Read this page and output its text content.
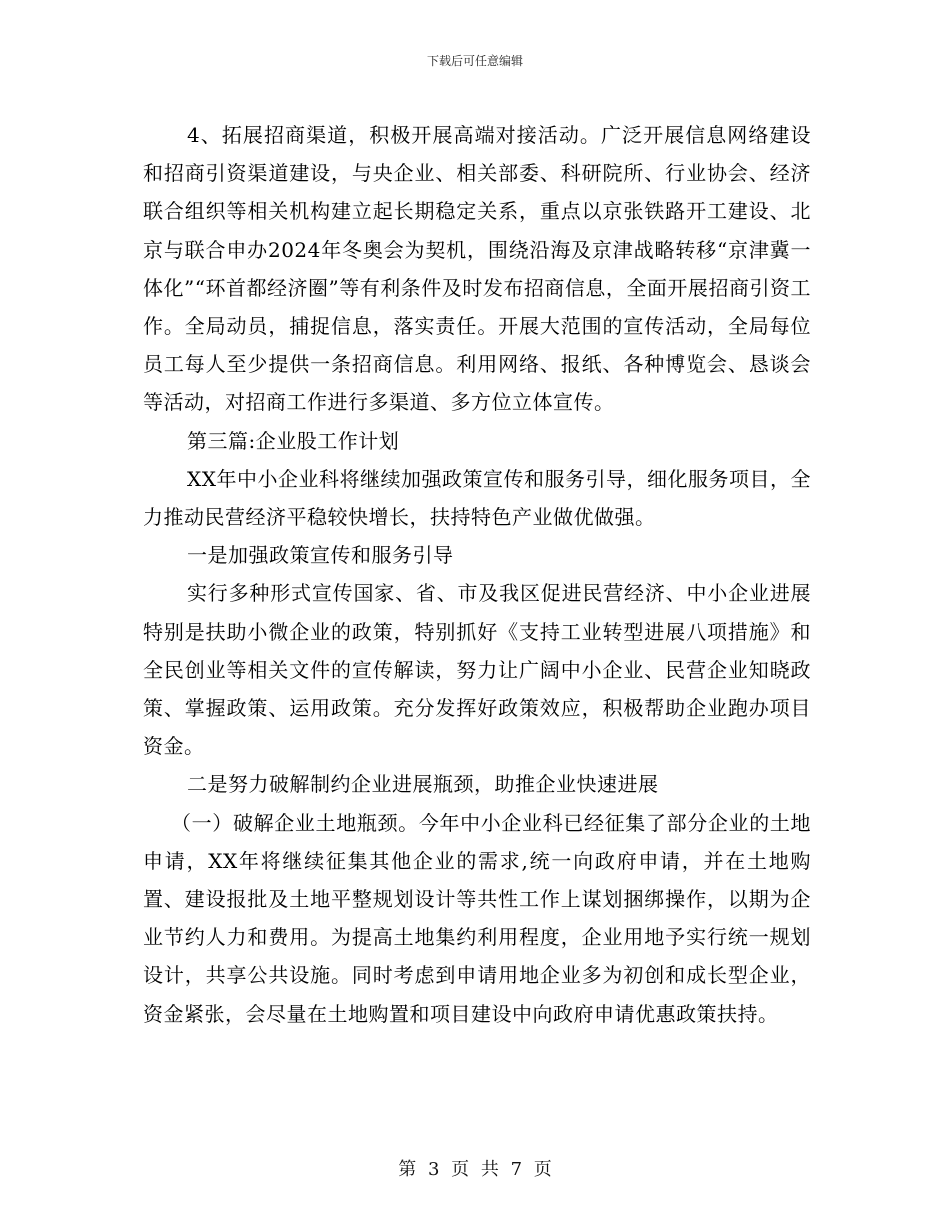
下载后可任意编辑

4、拓展招商渠道，积极开展高端对接活动。广泛开展信息网络建设和招商引资渠道建设，与央企业、相关部委、科研院所、行业协会、经济联合组织等相关机构建立起长期稳定关系，重点以京张铁路开工建设、北京与联合申办2024年冬奥会为契机，围绕沿海及京津战略转移“京津冀一体化”“环首都经济圈”等有利条件及时发布招商信息，全面开展招商引资工作。全局动员，捕捉信息，落实责任。开展大范围的宣传活动，全局每位员工每人至少提供一条招商信息。利用网络、报纸、各种博览会、恳谈会等活动，对招商工作进行多渠道、多方位立体宣传。

第三篇:企业股工作计划

XX年中小企业科将继续加强政策宣传和服务引导，细化服务项目，全力推动民营经济平稳较快增长，扶持特色产业做优做强。

一是加强政策宣传和服务引导

实行多种形式宣传国家、省、市及我区促进民营经济、中小企业进展特别是扶助小微企业的政策，特别抓好《支持工业转型进展八项措施》和全民创业等相关文件的宣传解读，努力让广阔中小企业、民营企业知晓政策、掌握政策、运用政策。充分发挥好政策效应，积极帮助企业跑办项目资金。

二是努力破解制约企业进展瓶颈，助推企业快速进展

（一）破解企业土地瓶颈。今年中小企业科已经征集了部分企业的土地申请，XX年将继续征集其他企业的需求,统一向政府申请，并在土地购置、建设报批及土地平整规划设计等共性工作上谋划捆绑操作，以期为企业节约人力和费用。为提高土地集约利用程度，企业用地予实行统一规划设计，共享公共设施。同时考虑到申请用地企业多为初创和成长型企业，资金紧张，会尽量在土地购置和项目建设中向政府申请优惠政策扶持。

第 3 页 共 7 页
